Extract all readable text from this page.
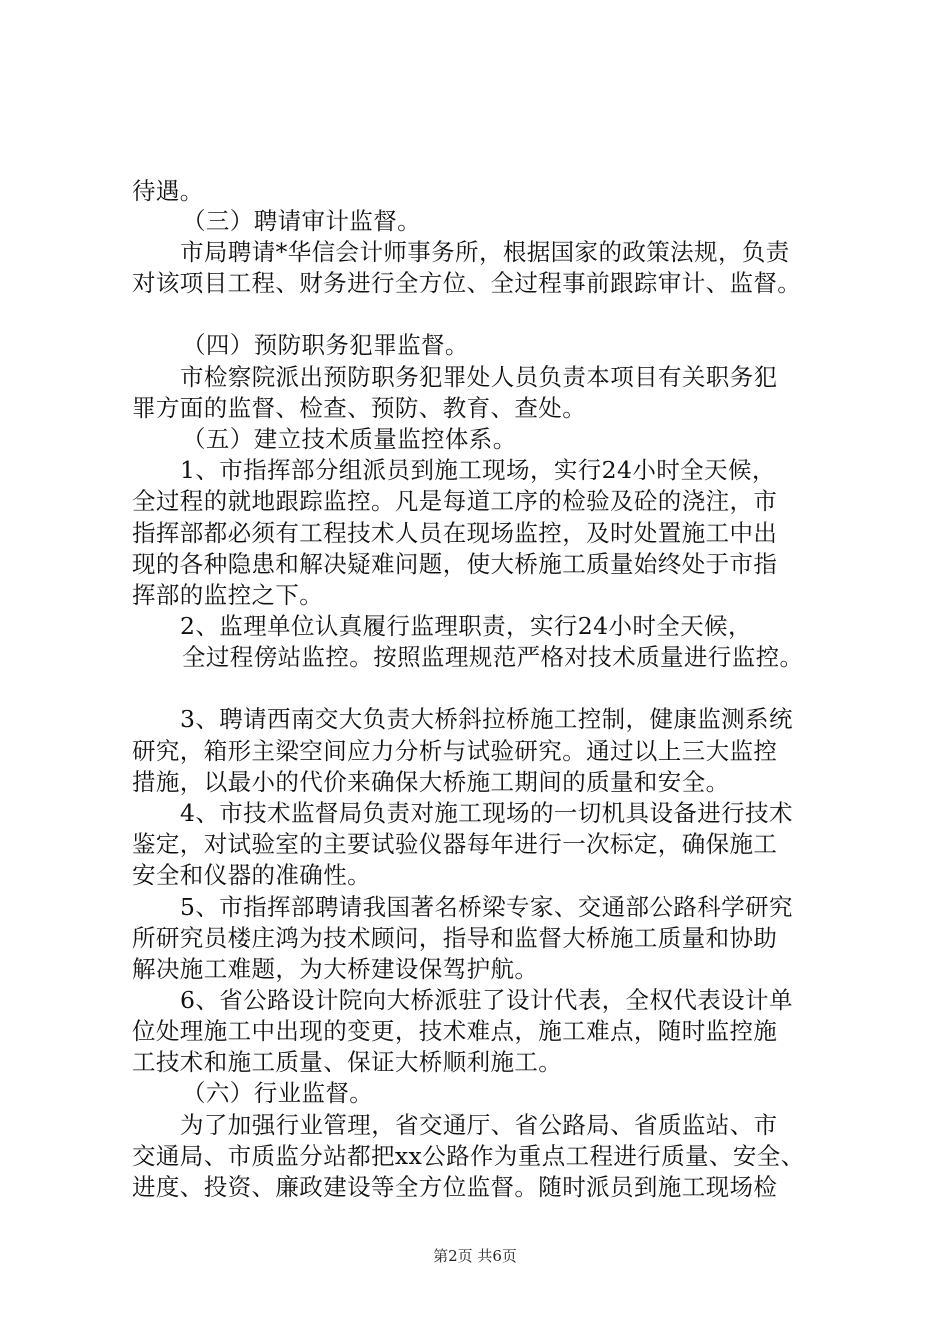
待遇。
（三）聘请审计监督。
市局聘请*华信会计师事务所，根据国家的政策法规，负责
对该项目工程、财务进行全方位、全过程事前跟踪审计、监督。
（四）预防职务犯罪监督。
市检察院派出预防职务犯罪处人员负责本项目有关职务犯
罪方面的监督、检查、预防、教育、查处。
（五）建立技术质量监控体系。
1、市指挥部分组派员到施工现场，实行24小时全天候，
全过程的就地跟踪监控。凡是每道工序的检验及砼的浇注，市
指挥部都必须有工程技术人员在现场监控，及时处置施工中出
现的各种隐患和解决疑难问题，使大桥施工质量始终处于市指
挥部的监控之下。
2、监理单位认真履行监理职责，实行24小时全天候，
全过程傍站监控。按照监理规范严格对技术质量进行监控。
3、聘请西南交大负责大桥斜拉桥施工控制，健康监测系统
研究，箱形主梁空间应力分析与试验研究。通过以上三大监控
措施，以最小的代价来确保大桥施工期间的质量和安全。
4、市技术监督局负责对施工现场的一切机具设备进行技术
鉴定，对试验室的主要试验仪器每年进行一次标定，确保施工
安全和仪器的准确性。
5、市指挥部聘请我国著名桥梁专家、交通部公路科学研究
所研究员楼庄鸿为技术顾问，指导和监督大桥施工质量和协助
解决施工难题，为大桥建设保驾护航。
6、省公路设计院向大桥派驻了设计代表，全权代表设计单
位处理施工中出现的变更，技术难点，施工难点，随时监控施
工技术和施工质量、保证大桥顺利施工。
（六）行业监督。
为了加强行业管理，省交通厅、省公路局、省质监站、市
交通局、市质监分站都把xx公路作为重点工程进行质量、安全、
进度、投资、廉政建设等全方位监督。随时派员到施工现场检
第2页 共6页
